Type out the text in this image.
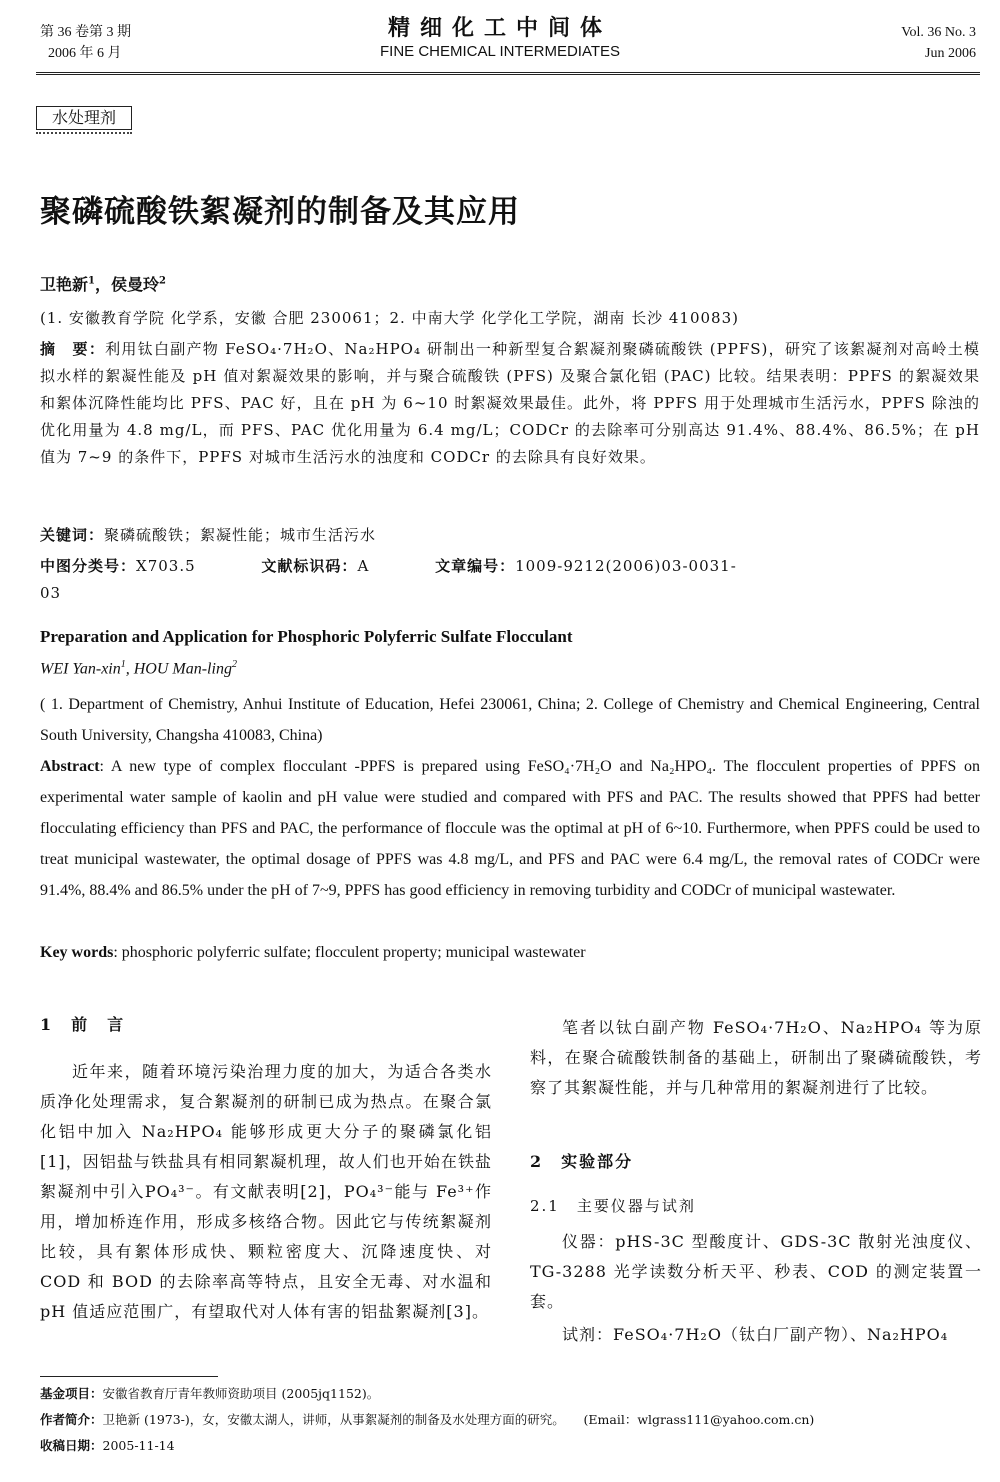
第 36 卷第 3 期
2006 年 6 月
精细化工中间体
FINE CHEMICAL INTERMEDIATES
Vol. 36 No. 3
Jun 2006
水处理剂
聚磷硫酸铁絮凝剂的制备及其应用
卫艳新$^1$，侯曼玲$^2$
(1. 安徽教育学院 化学系，安徽 合肥 230061；2. 中南大学 化学化工学院，湖南 长沙 410083)
摘　要：利用钛白副产物 FeSO₄·7H₂O、Na₂HPO₄ 研制出一种新型复合絮凝剂聚磷硫酸铁 (PPFS)，研究了该絮凝剂对高岭土模拟水样的絮凝性能及 pH 值对絮凝效果的影响，并与聚合硫酸铁 (PFS) 及聚合氯化铝 (PAC) 比较。结果表明：PPFS 的絮凝效果和絮体沉降性能均比 PFS、PAC 好，且在 pH 为 6~10 时絮凝效果最佳。此外，将 PPFS 用于处理城市生活污水，PPFS 除浊的优化用量为 4.8 mg/L，而 PFS、PAC 优化用量为 6.4 mg/L；CODCr 的去除率可分别高达 91.4%、88.4%、86.5%；在 pH 值为 7~9 的条件下，PPFS 对城市生活污水的浊度和 CODCr 的去除具有良好效果。
关键词：聚磷硫酸铁；絮凝性能；城市生活污水
中图分类号：X703.5	文献标识码：A	文章编号：1009-9212(2006)03-0031-03
Preparation and Application for Phosphoric Polyferric Sulfate Flocculant
WEI Yan-xin$^1$, HOU Man-ling$^2$
( 1. Department of Chemistry, Anhui Institute of Education, Hefei 230061, China; 2. College of Chemistry and Chemical Engineering, Central South University, Changsha 410083, China)
Abstract: A new type of complex flocculant -PPFS is prepared using FeSO₄·7H₂O and Na₂HPO₄. The flocculent properties of PPFS on experimental water sample of kaolin and pH value were studied and compared with PFS and PAC. The results showed that PPFS had better flocculating efficiency than PFS and PAC, the performance of floccule was the optimal at pH of 6~10. Furthermore, when PPFS could be used to treat municipal wastewater, the optimal dosage of PPFS was 4.8 mg/L, and PFS and PAC were 6.4 mg/L, the removal rates of CODCr were 91.4%, 88.4% and 86.5% under the pH of 7~9, PPFS has good efficiency in removing turbidity and CODCr of municipal wastewater.
Key words: phosphoric polyferric sulfate; flocculent property; municipal wastewater
1　前　言
近年来，随着环境污染治理力度的加大，为适合各类水质净化处理需求，复合絮凝剂的研制已成为热点。在聚合氯化铝中加入 Na₂HPO₄ 能够形成更大分子的聚磷氯化铝[1]，因铝盐与铁盐具有相同絮凝机理，故人们也开始在铁盐絮凝剂中引入PO₄³⁻。有文献表明[2]，PO₄³⁻能与 Fe³⁺作用，增加桥连作用，形成多核络合物。因此它与传统絮凝剂比较，具有絮体形成快、颗粒密度大、沉降速度快、对 COD 和 BOD 的去除率高等特点，且安全无毒、对水温和 pH 值适应范围广，有望取代对人体有害的铝盐絮凝剂[3]。
笔者以钛白副产物 FeSO₄·7H₂O、Na₂HPO₄ 等为原料，在聚合硫酸铁制备的基础上，研制出了聚磷硫酸铁，考察了其絮凝性能，并与几种常用的絮凝剂进行了比较。
2　实验部分
2.1　主要仪器与试剂
仪器：pHS-3C 型酸度计、GDS-3C 散射光浊度仪、TG-3288 光学读数分析天平、秒表、COD 的测定装置一套。
试剂：FeSO₄·7H₂O（钛白厂副产物）、Na₂HPO₄
基金项目：安徽省教育厅青年教师资助项目 (2005jq1152)。
作者简介：卫艳新 (1973-)，女，安徽太湖人，讲师，从事絮凝剂的制备及水处理方面的研究。　　(Email：wlgrass111@yahoo.com.cn)
收稿日期：2005-11-14
